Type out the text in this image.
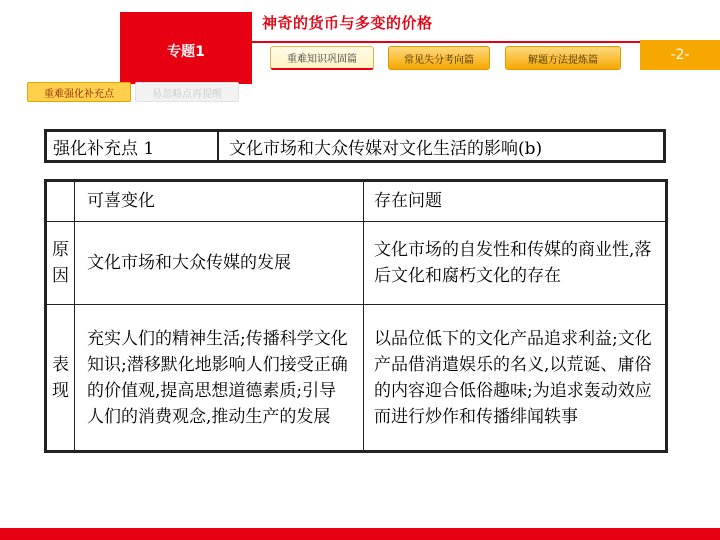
专题1
神奇的货币与多变的价格
重难知识巩固篇	常见失分考向篇	解题方法提炼篇	-2-
重难强化补充点	易忽略点再提醒
强化补充点 1	文化市场和大众传媒对文化生活的影响(b)
	可喜变化	存在问题

原因	文化市场和大众传媒的发展	文化市场的自发性和传媒的商业性,落后文化和腐朽文化的存在

表现	充实人们的精神生活;传播科学文化知识;潜移默化地影响人们接受正确的价值观,提高思想道德素质;引导人们的消费观念,推动生产的发展	以品位低下的文化产品追求利益;文化产品借消遣娱乐的名义,以荒诞、庸俗的内容迎合低俗趣味;为追求轰动效应而进行炒作和传播绯闻轶事
